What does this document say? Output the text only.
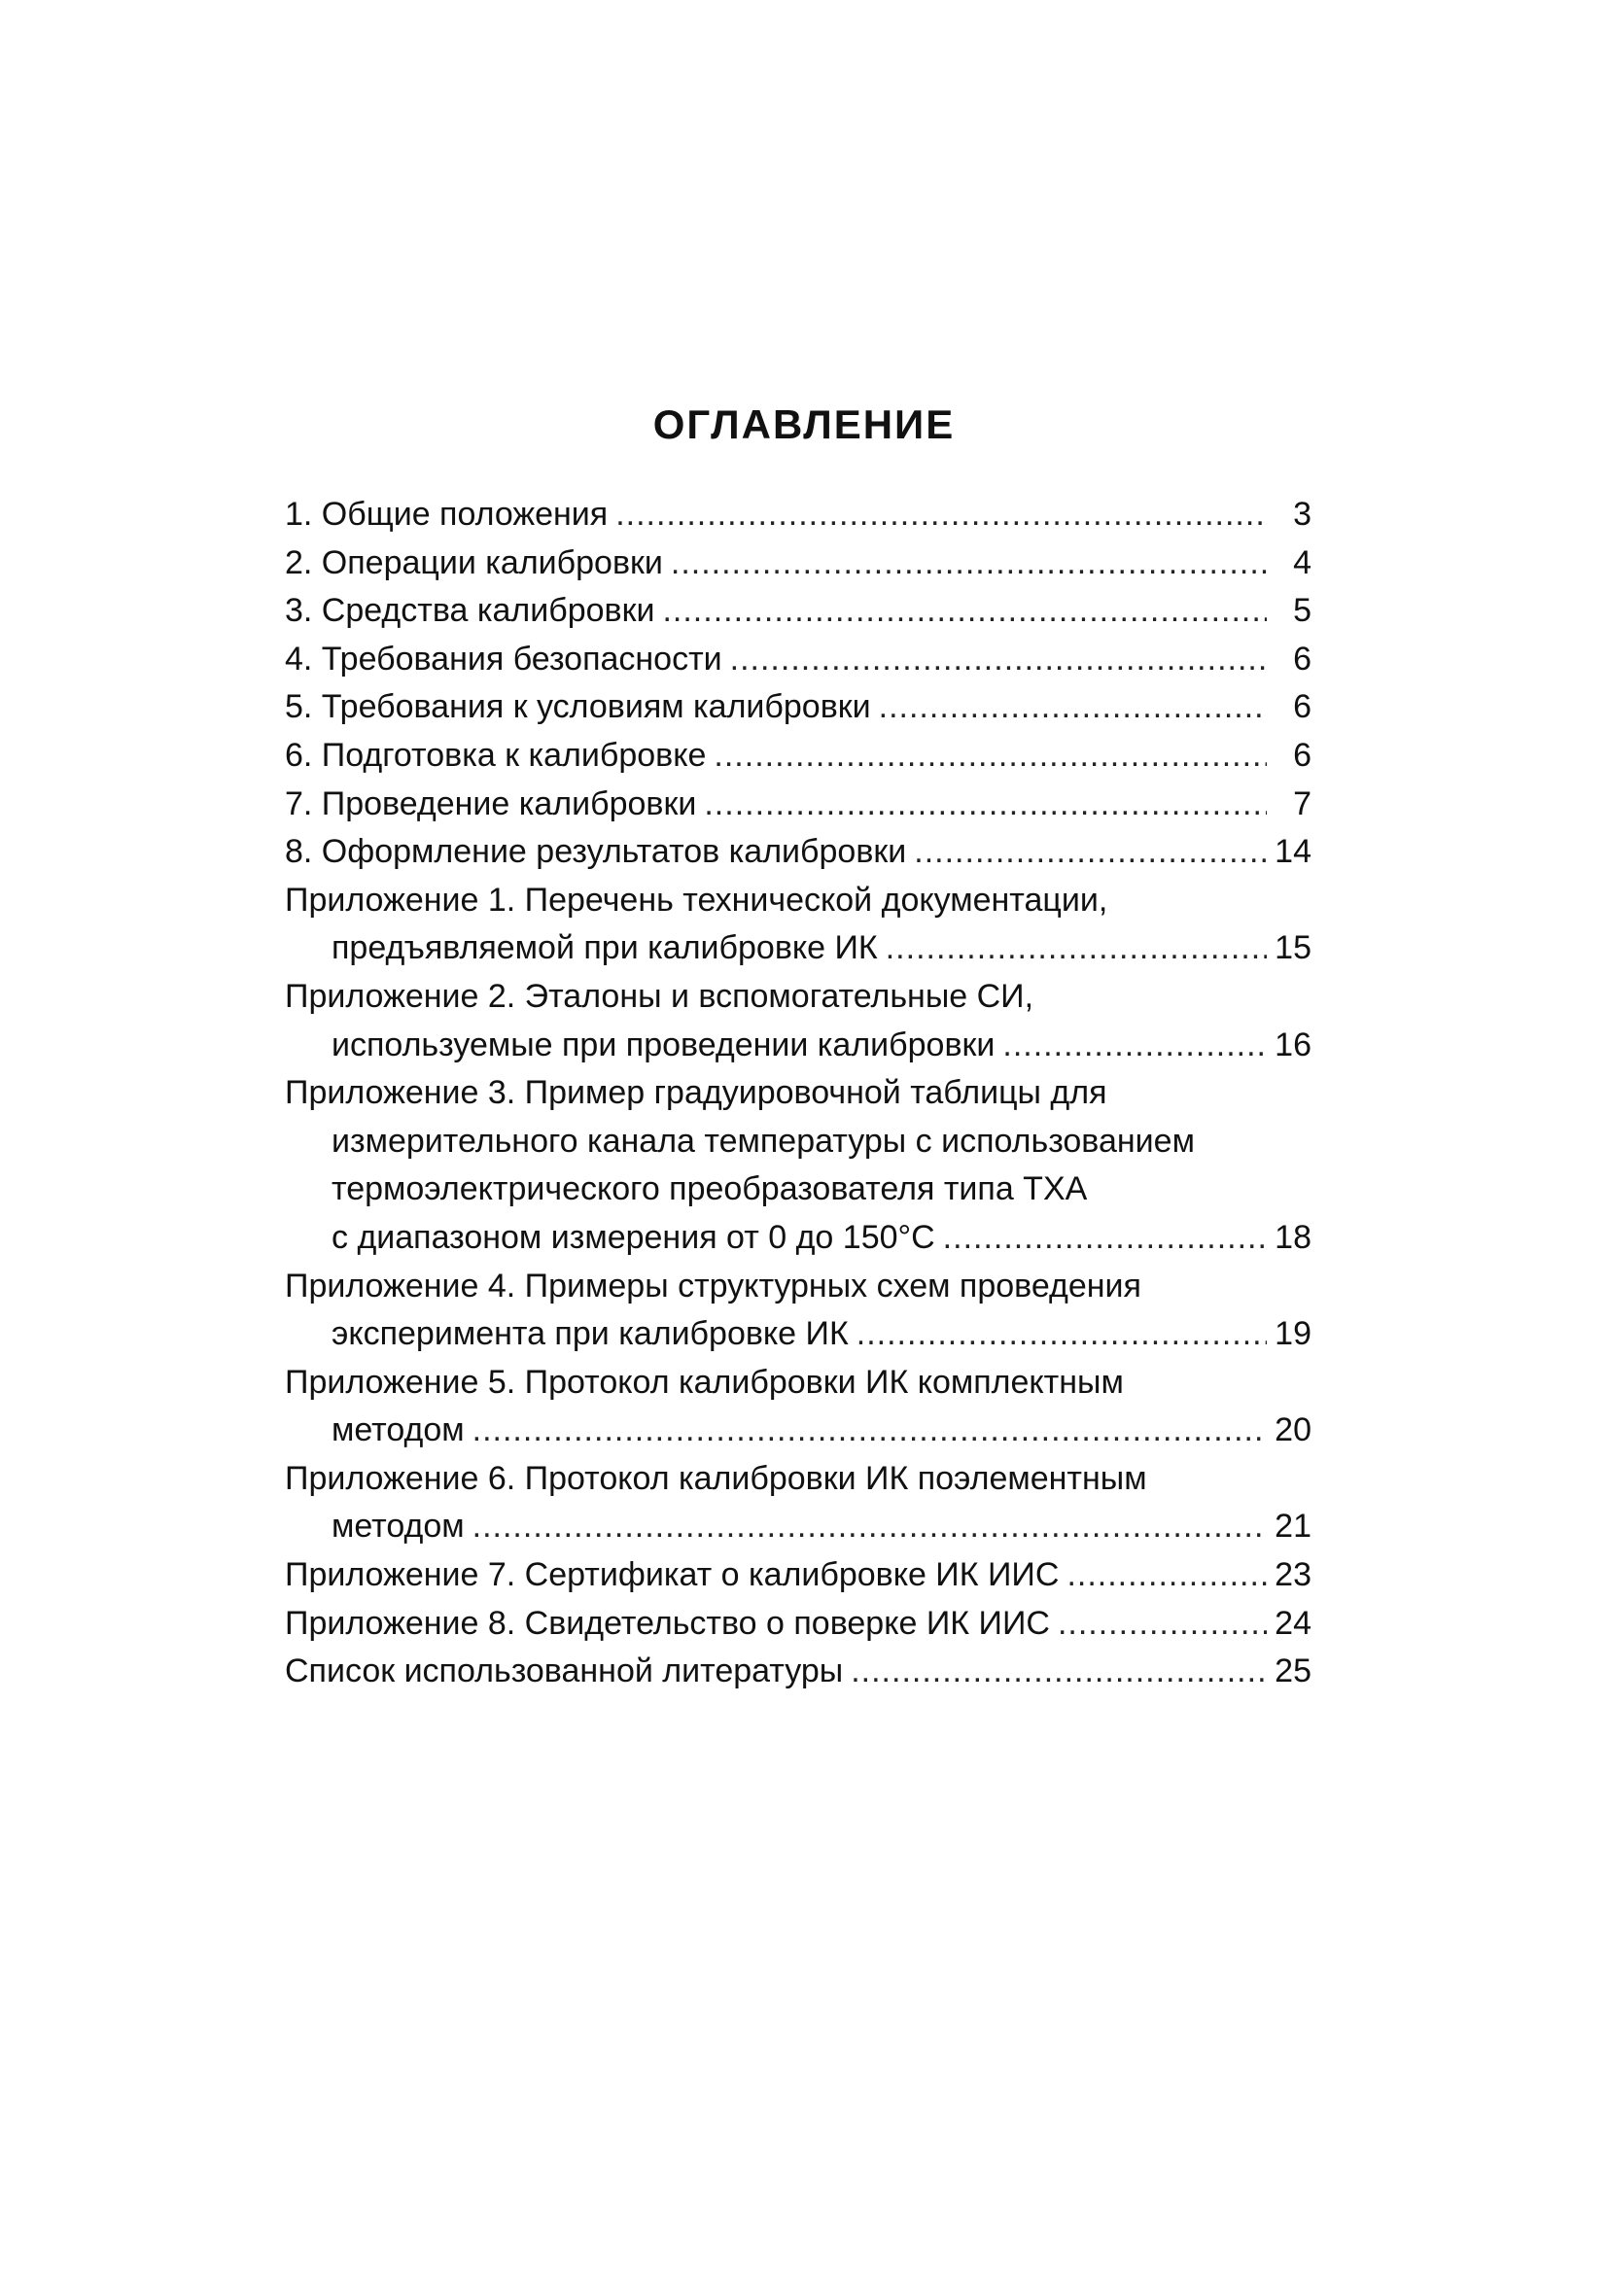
ОГЛАВЛЕНИЕ
1. Общие положения .....	3
2. Операции калибровки .....	4
3. Средства калибровки .....	5
4. Требования безопасности .....	6
5. Требования к условиям калибровки .....	6
6. Подготовка к калибровке .....	6
7. Проведение калибровки .....	7
8. Оформление результатов калибровки .....	14
Приложение 1. Перечень технической документации,
предъявляемой при калибровке ИК .....	15
Приложение 2. Эталоны и вспомогательные СИ,
используемые при проведении калибровки .....	16
Приложение 3. Пример градуировочной таблицы для
измерительного канала температуры с использованием
термоэлектрического преобразователя типа ТХА
с диапазоном измерения от 0 до 150°С .....	18
Приложение 4. Примеры структурных схем проведения
эксперимента при калибровке ИК .....	19
Приложение 5. Протокол калибровки ИК комплектным
методом .....	20
Приложение 6. Протокол калибровки ИК поэлементным
методом .....	21
Приложение 7. Сертификат о калибровке ИК ИИС .....	23
Приложение 8. Свидетельство о поверке ИК ИИС .....	24
Список использованной литературы .....	25
